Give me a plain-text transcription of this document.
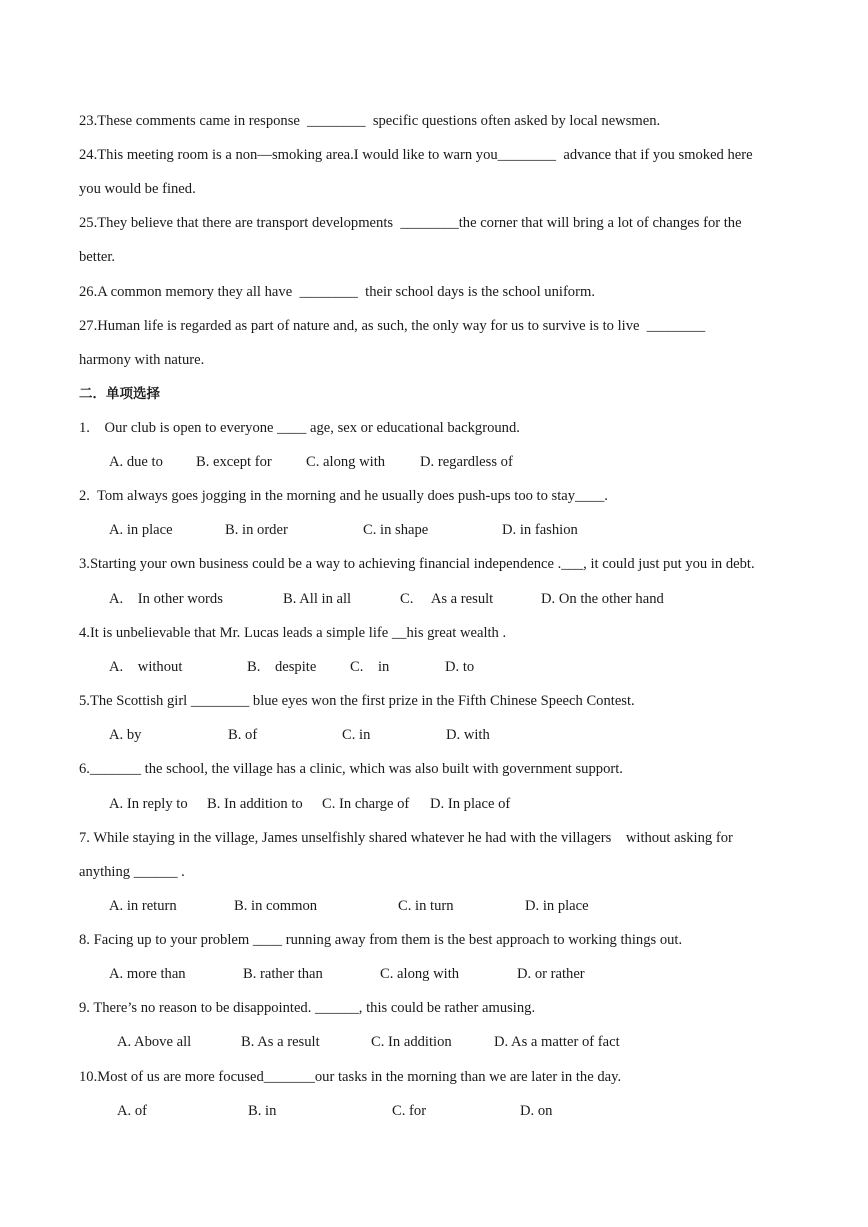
23.These comments came in response  ________  specific questions often asked by local newsmen.
24.This meeting room is a non—smoking area.I would like to warn you________  advance that if you smoked here
you would be fined.
25.They believe that there are transport developments  ________the corner that will bring a lot of changes for the
better.
26.A common memory they all have  ________  their school days is the school uniform.
27.Human life is regarded as part of nature and, as such, the only way for us to survive is to live  ________
harmony with nature.
二．单项选择
1.    Our club is open to everyone ____ age, sex or educational background.
A. due to B. except for C. along with D. regardless of
2.  Tom always goes jogging in the morning and he usually does push-ups too to stay____.
A. in place	B. in order	C. in shape	D. in fashion
3.Starting your own business could be a way to achieving financial independence .___, it could just put you in debt.
A.    In other words	B. All in all	C.     As a result	D. On the other hand
4.It is unbelievable that Mr. Lucas leads a simple life __his great wealth .
A.    without	B.    despite C.    in	D. to
5.The Scottish girl ________ blue eyes won the first prize in the Fifth Chinese Speech Contest.
A. by	B. of	C. in	D. with
6._______ the school, the village has a clinic, which was also built with government support.
A. In reply to B. In addition to C. In charge of D. In place of
7. While staying in the village, James unselfishly shared whatever he had with the villagers    without asking for
anything ______ .
A. in return	B. in common	C. in turn	D. in place
8. Facing up to your problem ____ running away from them is the best approach to working things out.
A. more than	B. rather than	C. along with	D. or rather
9. There’s no reason to be disappointed. ______, this could be rather amusing.
A. Above all	B. As a result	C. In addition	D. As a matter of fact
10.Most of us are more focused_______our tasks in the morning than we are later in the day.
A. of	B. in	C. for	D. on
